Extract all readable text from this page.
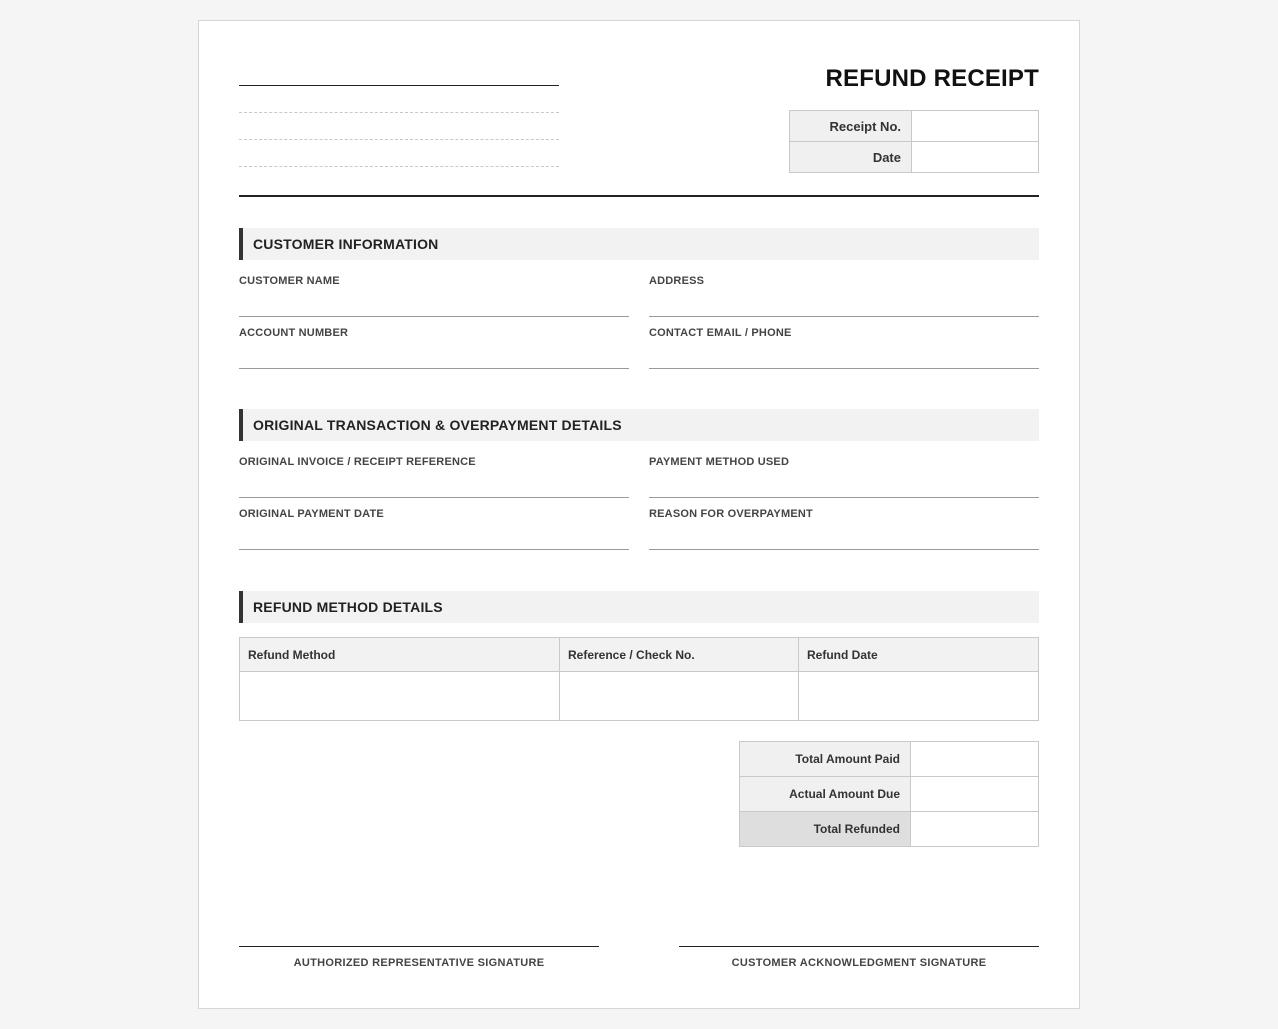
REFUND RECEIPT
Receipt No.	
Date	
CUSTOMER INFORMATION
CUSTOMER NAME	ADDRESS
ACCOUNT NUMBER	CONTACT EMAIL / PHONE
ORIGINAL TRANSACTION & OVERPAYMENT DETAILS
ORIGINAL INVOICE / RECEIPT REFERENCE	PAYMENT METHOD USED
ORIGINAL PAYMENT DATE	REASON FOR OVERPAYMENT
REFUND METHOD DETAILS
Refund Method	Reference / Check No.	Refund Date

Total Amount Paid	
Actual Amount Due	
Total Refunded	
AUTHORIZED REPRESENTATIVE SIGNATURE	CUSTOMER ACKNOWLEDGMENT SIGNATURE
